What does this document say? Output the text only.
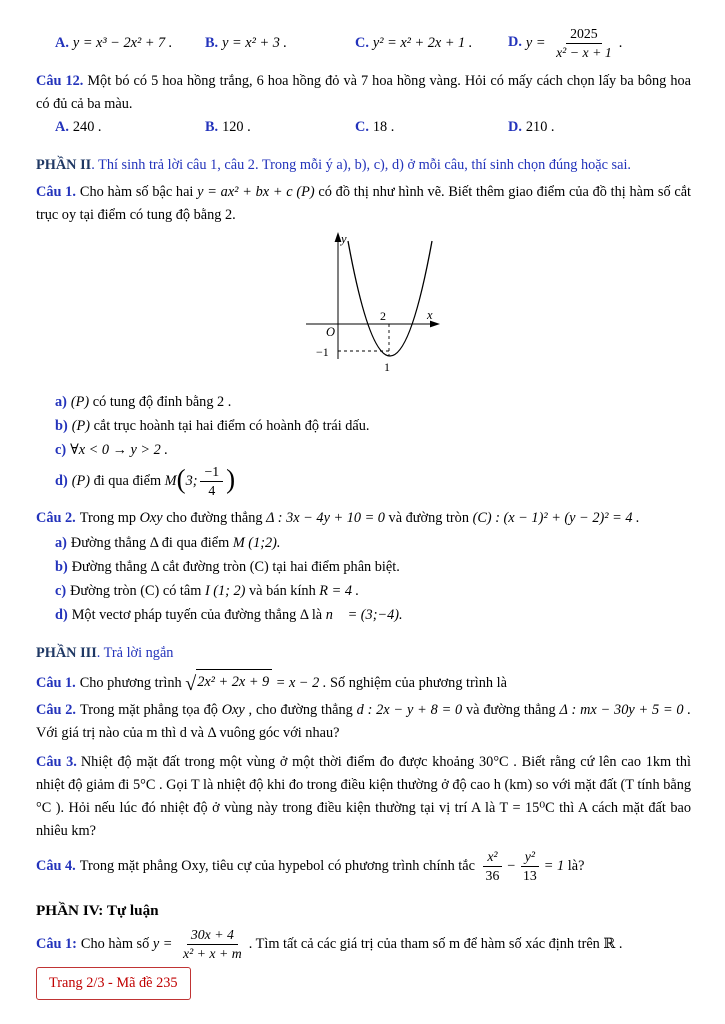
A. y = x³ − 2x² + 7 .	B. y = x² + 3 .	C. y² = x² + 2x + 1 .	D. $y = \frac{2025}{\text{x² − x + 1}}$ .

Câu 12. Một bó có 5 hoa hồng trắng, 6 hoa hồng đỏ và 7 hoa hồng vàng. Hỏi có mấy cách chọn lấy ba bông hoa có đủ cả ba màu.

A. 240 .	B. 120 .	C. 18 .	D. 210 .

PHẦN II. Thí sinh trả lời câu 1, câu 2. Trong mỗi ý a), b), c), d) ở mỗi câu, thí sinh chọn đúng hoặc sai.

Câu 1. Cho hàm số bậc hai y = ax² + bx + c (P) có đồ thị như hình vẽ. Biết thêm giao điểm của đồ thị hàm số cắt trục oy tại điểm có tung độ bằng 2.

y
x
O
2
−1
1

a) (P) có tung độ đỉnh bằng 2 .

b) (P) cắt trục hoành tại hai điểm có hoành độ trái dấu.

c) ∀x < 0 → y > 2 .

d) (P) đi qua điểm M(3; $\frac{-1}{4}$ )

Câu 2. Trong mp Oxy cho đường thẳng Δ : 3x − 4y + 10 = 0 và đường tròn (C) : (x − 1)² + (y − 2)² = 4 .

a) Đường thẳng Δ đi qua điểm M (1;2).

b) Đường thẳng Δ cắt đường tròn (C) tại hai điểm phân biệt.

c) Đường tròn (C) có tâm I (1; 2) và bán kính R = 4 .

d) Một vectơ pháp tuyến của đường thẳng Δ là n⃗ = (3;−4).

PHẦN III. Trả lời ngắn

Câu 1. Cho phương trình √ 2x² + 2x + 9 = x − 2 . Số nghiệm của phương trình là

Câu 2. Trong mặt phẳng tọa độ Oxy , cho đường thẳng d : 2x − y + 8 = 0 và đường thẳng Δ : mx − 30y + 5 = 0 . Với giá trị nào của m thì d và Δ vuông góc với nhau?

Câu 3. Nhiệt độ mặt đất trong một vùng ở một thời điểm đo được khoảng 30°C . Biết rằng cứ lên cao 1km thì nhiệt độ giảm đi 5°C . Gọi T là nhiệt độ khi đo trong điều kiện thường ở độ cao h (km) so với mặt đất (T tính bằng °C ). Hỏi nếu lúc đó nhiệt độ ở vùng này trong điều kiện thường tại vị trí A là T = 15⁰C thì A cách mặt đất bao nhiêu km?

Câu 4. Trong mặt phẳng Oxy, tiêu cự của hypebol có phương trình chính tắc $\frac{\text{x²}}{36} - \frac{\text{y²}}{13} = 1$ là?

PHẦN IV: Tự luận

Câu 1: Cho hàm số $y = \frac{30x + 4}{\text{x² + x + m}}$ . Tìm tất cả các giá trị của tham số m để hàm số xác định trên ℝ .

Trang 2/3 - Mã đề 235
